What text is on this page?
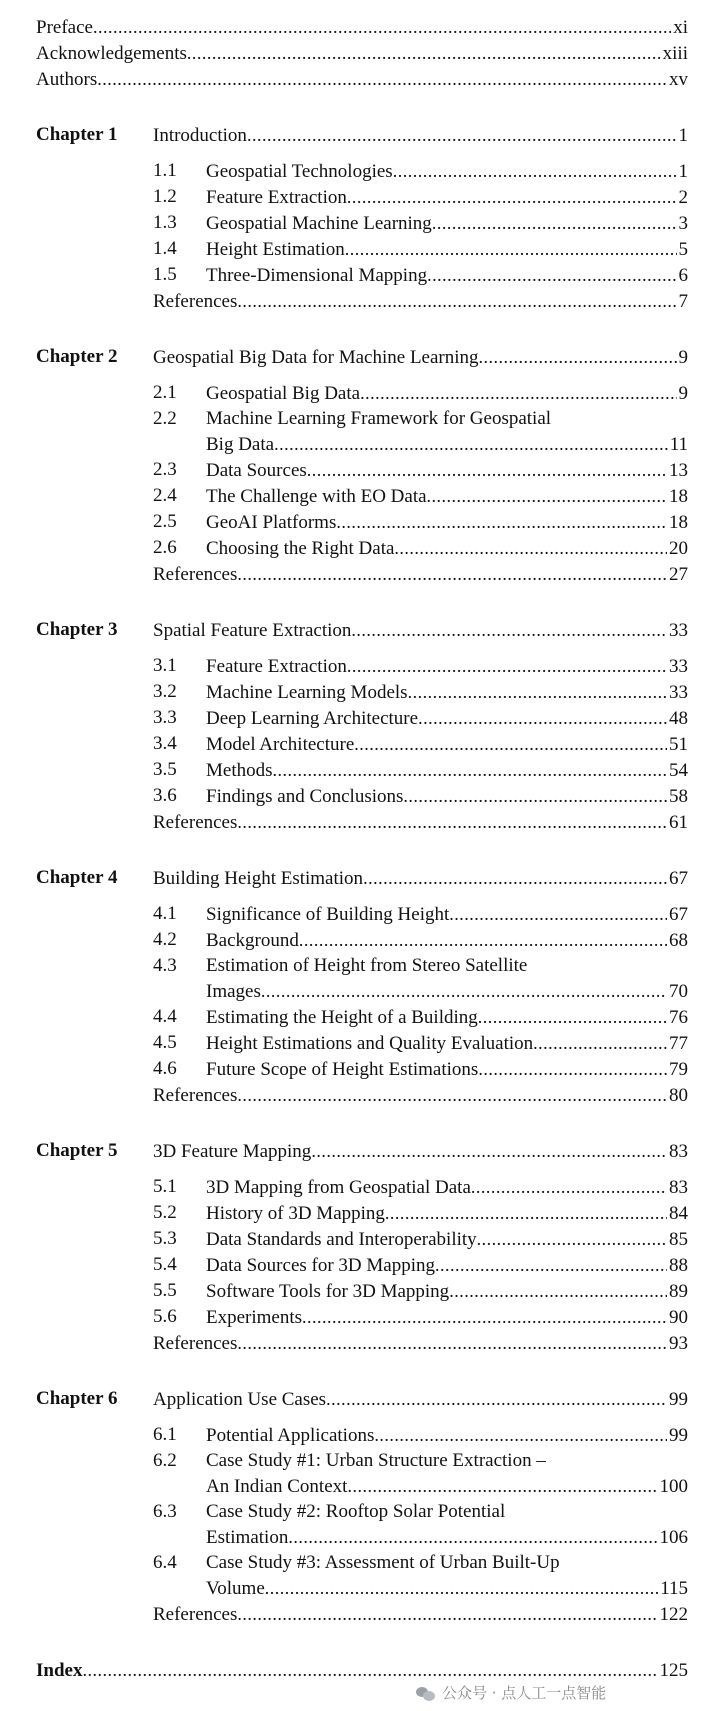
Preface .....	xi
Acknowledgements .....	xiii
Authors .....	xv
Chapter 1 Introduction .....	1
1.1 Geospatial Technologies .....	1
1.2 Feature Extraction .....	2
1.3 Geospatial Machine Learning .....	3
1.4 Height Estimation .....	5
1.5 Three-Dimensional Mapping .....	6
References .....	7
Chapter 2 Geospatial Big Data for Machine Learning .....	9
2.1 Geospatial Big Data .....	9
2.2 Machine Learning Framework for Geospatial
Big Data .....	11
2.3 Data Sources .....	13
2.4 The Challenge with EO Data .....	18
2.5 GeoAI Platforms .....	18
2.6 Choosing the Right Data .....	20
References .....	27
Chapter 3 Spatial Feature Extraction .....	33
3.1 Feature Extraction .....	33
3.2 Machine Learning Models .....	33
3.3 Deep Learning Architecture .....	48
3.4 Model Architecture .....	51
3.5 Methods .....	54
3.6 Findings and Conclusions .....	58
References .....	61
Chapter 4 Building Height Estimation .....	67
4.1 Significance of Building Height .....	67
4.2 Background .....	68
4.3 Estimation of Height from Stereo Satellite
Images .....	70
4.4 Estimating the Height of a Building .....	76
4.5 Height Estimations and Quality Evaluation .....	77
4.6 Future Scope of Height Estimations .....	79
References .....	80
Chapter 5 3D Feature Mapping .....	83
5.1 3D Mapping from Geospatial Data .....	83
5.2 History of 3D Mapping .....	84
5.3 Data Standards and Interoperability .....	85
5.4 Data Sources for 3D Mapping .....	88
5.5 Software Tools for 3D Mapping .....	89
5.6 Experiments .....	90
References .....	93
Chapter 6 Application Use Cases .....	99
6.1 Potential Applications .....	99
6.2 Case Study #1: Urban Structure Extraction –
An Indian Context .....	100
6.3 Case Study #2: Rooftop Solar Potential
Estimation .....	106
6.4 Case Study #3: Assessment of Urban Built-Up
Volume .....	115
References .....	122
Index .....	125
公众号 · 点人工一点智能
